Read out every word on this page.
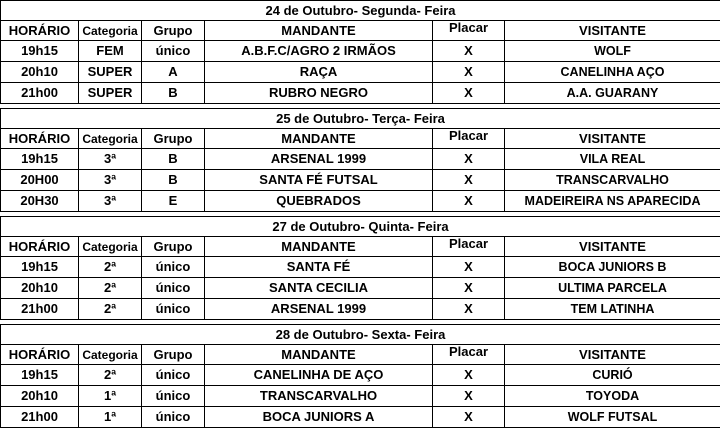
24 de Outubro- Segunda- Feira					
HORÁRIO	Categoria	Grupo	MANDANTE	Placar	VISITANTE
19h15	FEM	único	A.B.F.C/AGRO 2 IRMÃOS	X	WOLF
20h10	SUPER	A	RAÇA	X	CANELINHA AÇO
21h00	SUPER	B	RUBRO NEGRO	X	A.A. GUARANY

25 de Outubro- Terça- Feira					
HORÁRIO	Categoria	Grupo	MANDANTE	Placar	VISITANTE
19h15	3ª	B	ARSENAL 1999	X	VILA REAL
20H00	3ª	B	SANTA FÉ FUTSAL	X	TRANSCARVALHO
20H30	3ª	E	QUEBRADOS	X	MADEIREIRA NS APARECIDA

27 de Outubro- Quinta- Feira					
HORÁRIO	Categoria	Grupo	MANDANTE	Placar	VISITANTE
19h15	2ª	único	SANTA FÉ	X	BOCA JUNIORS B
20h10	2ª	único	SANTA CECILIA	X	ULTIMA PARCELA
21h00	2ª	único	ARSENAL 1999	X	TEM LATINHA

28 de Outubro- Sexta- Feira					
HORÁRIO	Categoria	Grupo	MANDANTE	Placar	VISITANTE
19h15	2ª	único	CANELINHA DE AÇO	X	CURIÓ
20h10	1ª	único	TRANSCARVALHO	X	TOYODA
21h00	1ª	único	BOCA JUNIORS A	X	WOLF FUTSAL
